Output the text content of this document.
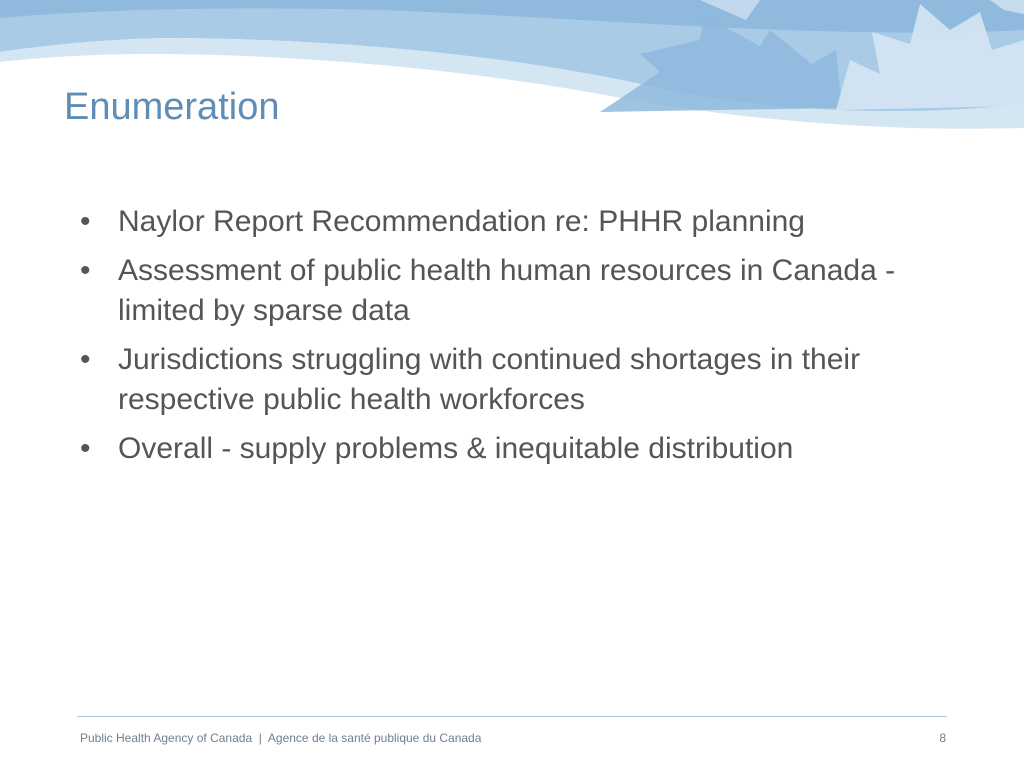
Enumeration
• Naylor Report Recommendation re: PHHR planning
• Assessment of public health human resources in Canada - limited by sparse data
• Jurisdictions struggling with continued shortages in their respective public health workforces
• Overall - supply problems & inequitable distribution
Public Health Agency of Canada  |  Agence de la santé publique du Canada	8
